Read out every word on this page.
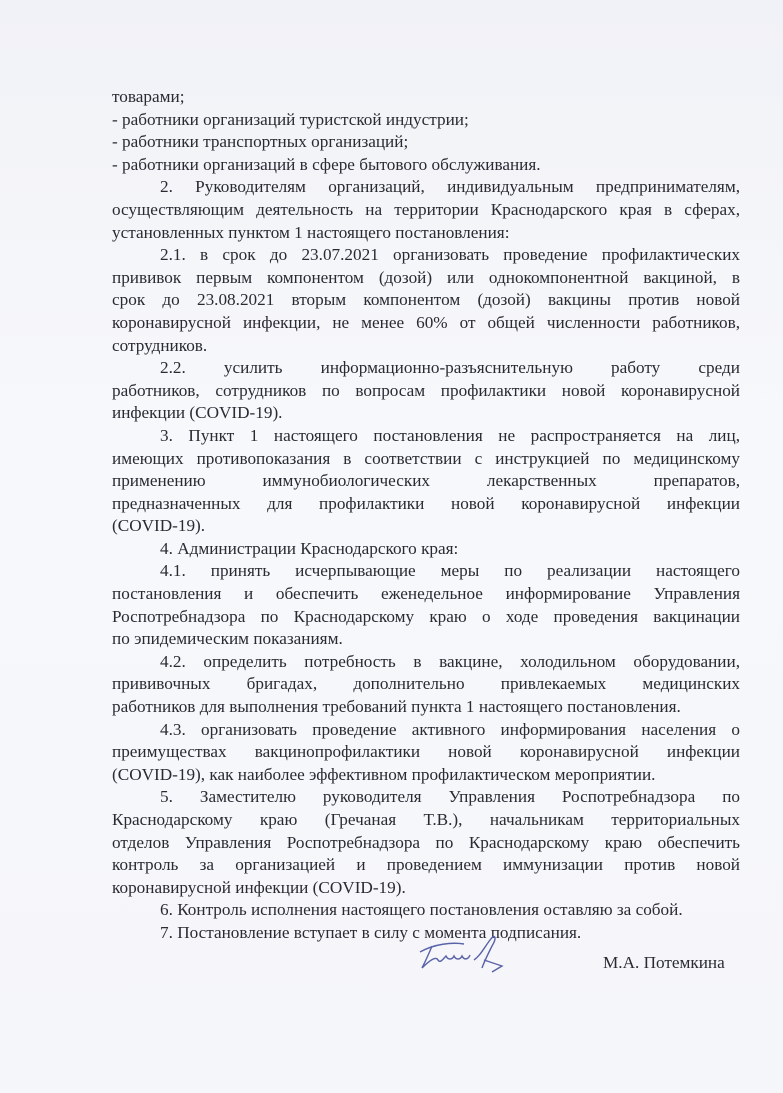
товарами;
- работники организаций туристской индустрии;
- работники транспортных организаций;
- работники организаций в сфере бытового обслуживания.
2. Руководителям организаций, индивидуальным предпринимателям,
осуществляющим деятельность на территории Краснодарского края в сферах,
установленных пунктом 1 настоящего постановления:
2.1. в срок до 23.07.2021 организовать проведение профилактических
прививок первым компонентом (дозой) или однокомпонентной вакциной, в
срок до 23.08.2021 вторым компонентом (дозой) вакцины против новой
коронавирусной инфекции, не менее 60% от общей численности работников,
сотрудников.
2.2. усилить информационно-разъяснительную работу среди
работников, сотрудников по вопросам профилактики новой коронавирусной
инфекции (COVID-19).
3. Пункт 1 настоящего постановления не распространяется на лиц,
имеющих противопоказания в соответствии с инструкцией по медицинскому
применению иммунобиологических лекарственных препаратов,
предназначенных для профилактики новой коронавирусной инфекции
(COVID-19).
4. Администрации Краснодарского края:
4.1. принять исчерпывающие меры по реализации настоящего
постановления и обеспечить еженедельное информирование Управления
Роспотребнадзора по Краснодарскому краю о ходе проведения вакцинации
по эпидемическим показаниям.
4.2. определить потребность в вакцине, холодильном оборудовании,
прививочных бригадах, дополнительно привлекаемых медицинских
работников для выполнения требований пункта 1 настоящего постановления.
4.3. организовать проведение активного информирования населения о
преимуществах вакцинопрофилактики новой коронавирусной инфекции
(COVID-19), как наиболее эффективном профилактическом мероприятии.
5. Заместителю руководителя Управления Роспотребнадзора по
Краснодарскому краю (Гречаная Т.В.), начальникам территориальных
отделов Управления Роспотребнадзора по Краснодарскому краю обеспечить
контроль за организацией и проведением иммунизации против новой
коронавирусной инфекции (COVID-19).
6. Контроль исполнения настоящего постановления оставляю за собой.
7. Постановление вступает в силу с момента подписания.
М.А. Потемкина
